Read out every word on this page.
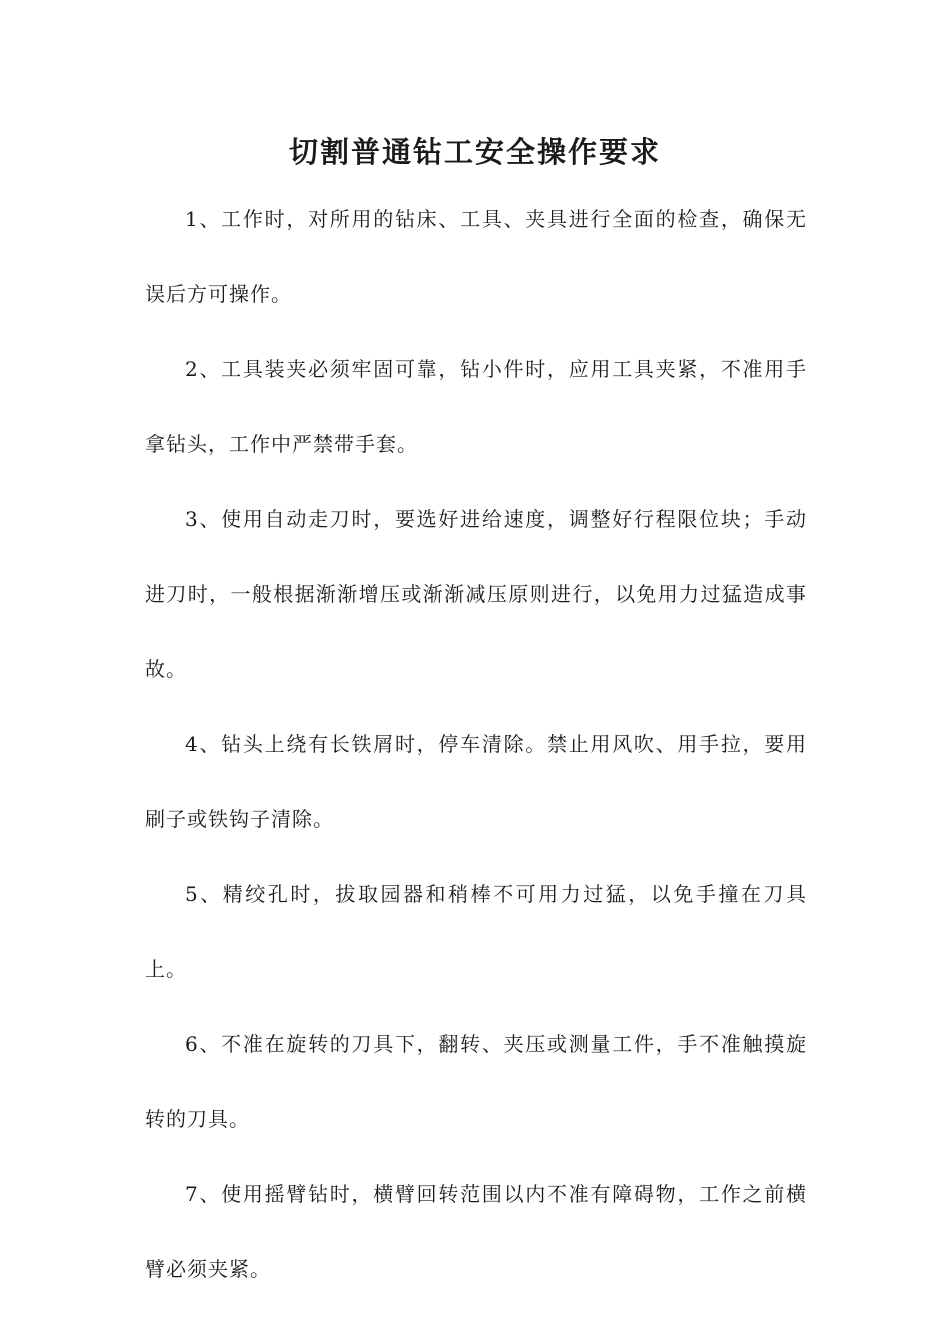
切割普通钻工安全操作要求

1、工作时，对所用的钻床、工具、夹具进行全面的检查，确保无误后方可操作。

2、工具装夹必须牢固可靠，钻小件时，应用工具夹紧，不准用手拿钻头，工作中严禁带手套。

3、使用自动走刀时，要选好进给速度，调整好行程限位块；手动进刀时，一般根据渐渐增压或渐渐减压原则进行，以免用力过猛造成事故。

4、钻头上绕有长铁屑时，停车清除。禁止用风吹、用手拉，要用刷子或铁钩子清除。

5、精绞孔时，拔取园器和稍棒不可用力过猛，以免手撞在刀具上。

6、不准在旋转的刀具下，翻转、夹压或测量工件，手不准触摸旋转的刀具。

7、使用摇臂钻时，横臂回转范围以内不准有障碍物，工作之前横臂必须夹紧。
